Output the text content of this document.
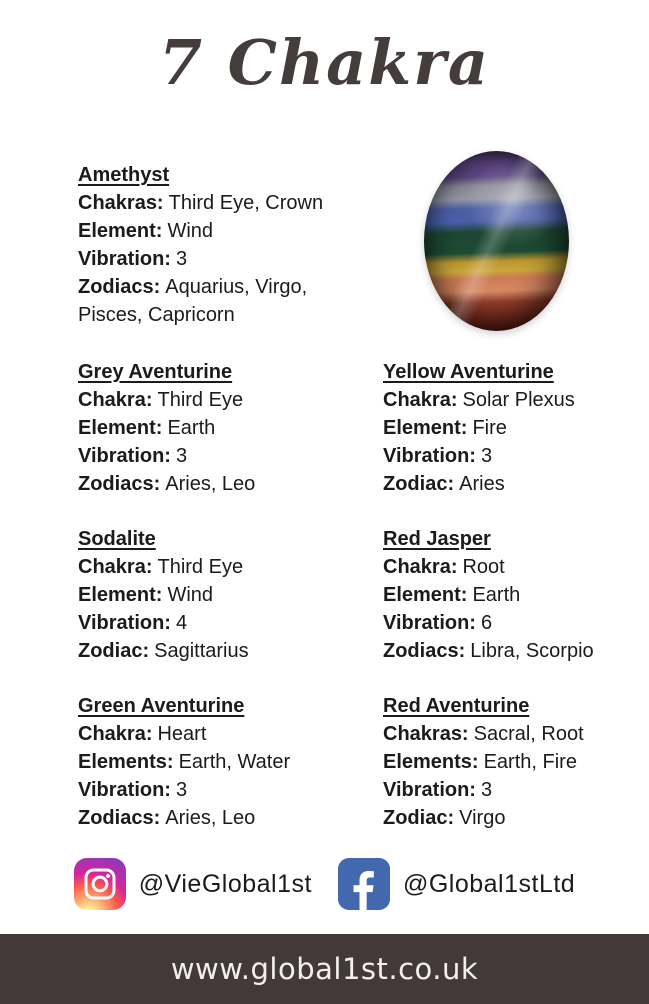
7 Chakra
Amethyst

Chakras: Third Eye, Crown

Element: Wind

Vibration: 3

Zodiacs: Aquarius, Virgo, Pisces, Capricorn

Grey Aventurine

Chakra: Third Eye

Element: Earth

Vibration: 3

Zodiacs: Aries, Leo

Yellow Aventurine

Chakra: Solar Plexus

Element: Fire

Vibration: 3

Zodiac: Aries

Sodalite

Chakra: Third Eye

Element: Wind

Vibration: 4

Zodiac: Sagittarius

Red Jasper

Chakra: Root

Element: Earth

Vibration: 6

Zodiacs: Libra, Scorpio

Green Aventurine

Chakra: Heart

Elements: Earth, Water

Vibration: 3

Zodiacs: Aries, Leo

Red Aventurine

Chakras: Sacral, Root

Elements: Earth, Fire

Vibration: 3

Zodiac: Virgo

@VieGlobal1st	@Global1stLtd
www.global1st.co.uk
